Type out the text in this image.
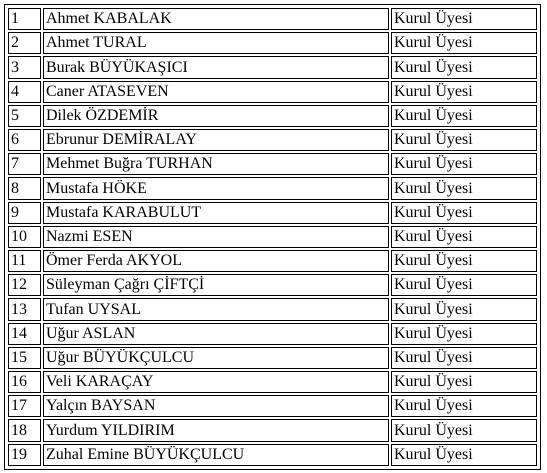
1	Ahmet KABALAK	Kurul Üyesi
2	Ahmet TURAL	Kurul Üyesi
3	Burak BÜYÜKAŞICI	Kurul Üyesi
4	Caner ATASEVEN	Kurul Üyesi
5	Dilek ÖZDEMİR	Kurul Üyesi
6	Ebrunur DEMİRALAY	Kurul Üyesi
7	Mehmet Buğra TURHAN	Kurul Üyesi
8	Mustafa HÖKE	Kurul Üyesi
9	Mustafa KARABULUT	Kurul Üyesi
10	Nazmi ESEN	Kurul Üyesi
11	Ömer Ferda AKYOL	Kurul Üyesi
12	Süleyman Çağrı ÇİFTÇİ	Kurul Üyesi
13	Tufan UYSAL	Kurul Üyesi
14	Uğur ASLAN	Kurul Üyesi
15	Uğur BÜYÜKÇULCU	Kurul Üyesi
16	Veli KARAÇAY	Kurul Üyesi
17	Yalçın BAYSAN	Kurul Üyesi
18	Yurdum YILDIRIM	Kurul Üyesi
19	Zuhal Emine BÜYÜKÇULCU	Kurul Üyesi
